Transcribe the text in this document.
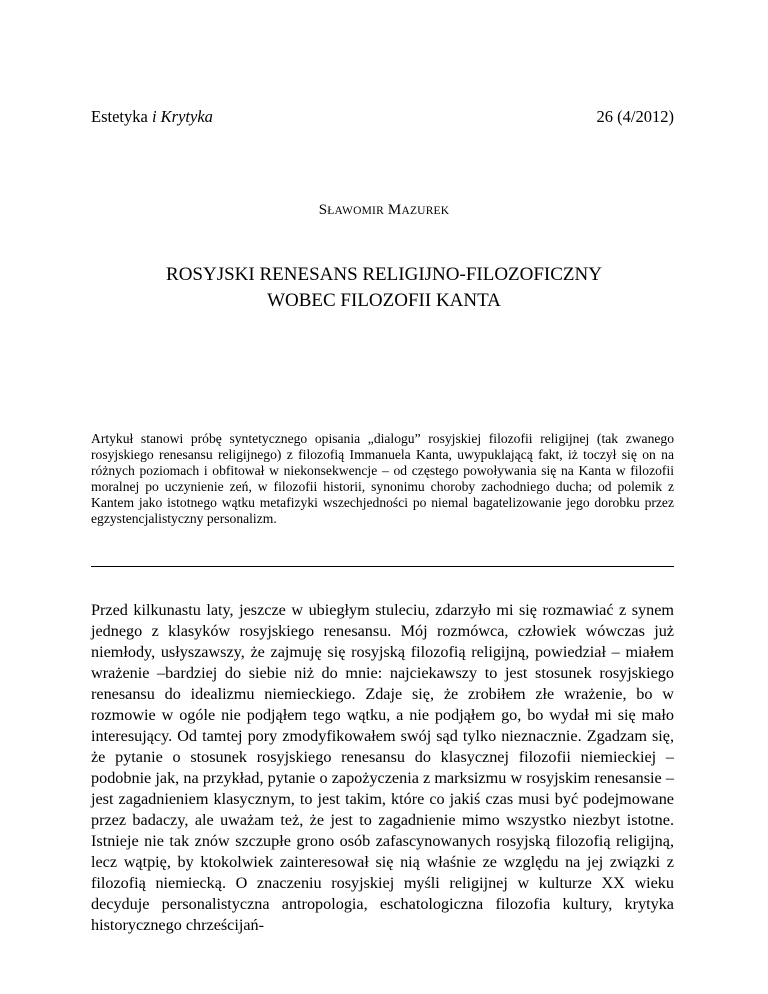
Estetyka i Krytyka	26 (4/2012)
SŁAWOMIR MAZUREK
ROSYJSKI RENESANS RELIGIJNO-FILOZOFICZNY
WOBEC FILOZOFII KANTA
Artykuł stanowi próbę syntetycznego opisania „dialogu” rosyjskiej filozofii religijnej (tak zwanego rosyjskiego renesansu religijnego) z filozofią Immanuela Kanta, uwypuklającą fakt, iż toczył się on na różnych poziomach i obfitował w niekonsekwencje – od częstego powoływania się na Kanta w filozofii moralnej po uczynienie zeń, w filozofii historii, synonimu choroby zachodniego ducha; od polemik z Kantem jako istotnego wątku metafizyki wszechjedności po niemal bagatelizowanie jego dorobku przez egzystencjalistyczny personalizm.

Przed kilkunastu laty, jeszcze w ubiegłym stuleciu, zdarzyło mi się rozmawiać z synem jednego z klasyków rosyjskiego renesansu. Mój rozmówca, człowiek wówczas już niemłody, usłyszawszy, że zajmuję się rosyjską filozofią religijną, powiedział – miałem wrażenie –bardziej do siebie niż do mnie: najciekawszy to jest stosunek rosyjskiego renesansu do idealizmu niemieckiego. Zdaje się, że zrobiłem złe wrażenie, bo w rozmowie w ogóle nie podjąłem tego wątku, a nie podjąłem go, bo wydał mi się mało interesujący. Od tamtej pory zmodyfikowałem swój sąd tylko nieznacznie. Zgadzam się, że pytanie o stosunek rosyjskiego renesansu do klasycznej filozofii niemieckiej – podobnie jak, na przykład, pytanie o zapożyczenia z marksizmu w rosyjskim renesansie – jest zagadnieniem klasycznym, to jest takim, które co jakiś czas musi być podejmowane przez badaczy, ale uważam też, że jest to zagadnienie mimo wszystko niezbyt istotne. Istnieje nie tak znów szczupłe grono osób zafascynowanych rosyjską filozofią religijną, lecz wątpię, by ktokolwiek zainteresował się nią właśnie ze względu na jej związki z filozofią niemiecką. O znaczeniu rosyjskiej myśli religijnej w kulturze XX wieku decyduje personalistyczna antropologia, eschatologiczna filozofia kultury, krytyka historycznego chrześcijań-
